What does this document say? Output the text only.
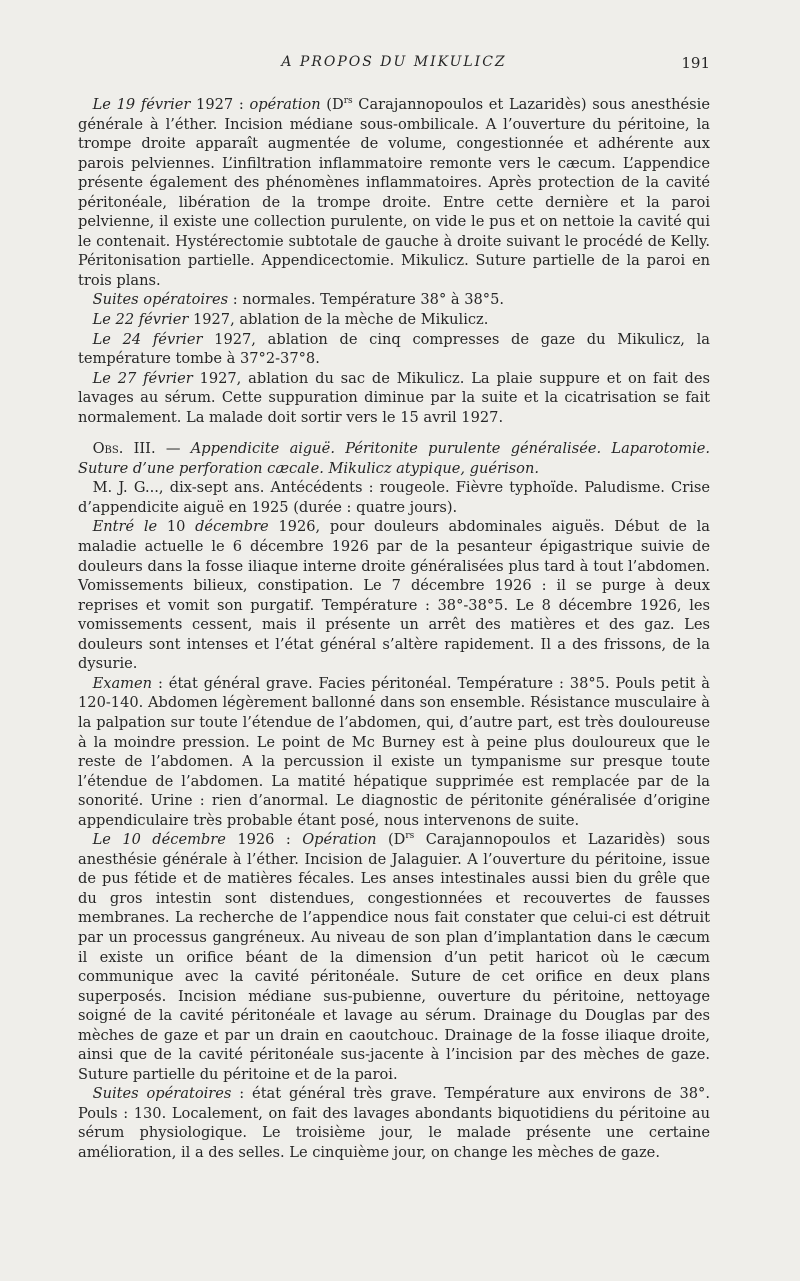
A PROPOS DU MIKULICZ	191

 Le 19 février 1927 : opération ($D^{rs}$ Carajannopoulos et Lazaridès) sous anesthésie générale à l’éther. Incision médiane sous-ombilicale. A l’ouverture du péritoine, la trompe droite apparaît augmentée de volume, congestionnée et adhérente aux parois pelviennes. L’infiltration inflammatoire remonte vers le cæcum. L’appendice présente également des phénomènes inflammatoires. Après protection de la cavité péritonéale, libération de la trompe droite. Entre cette dernière et la paroi pelvienne, il existe une collection purulente, on vide le pus et on nettoie la cavité qui le contenait. Hystérectomie subtotale de gauche à droite suivant le procédé de Kelly. Péritonisation partielle. Appendicectomie. Mikulicz. Suture partielle de la paroi en trois plans.

 Suites opératoires : normales. Température 38° à 38°5.

 Le 22 février 1927, ablation de la mèche de Mikulicz.

 Le 24 février 1927, ablation de cinq compresses de gaze du Mikulicz, la température tombe à 37°2-37°8.

 Le 27 février 1927, ablation du sac de Mikulicz. La plaie suppure et on fait des lavages au sérum. Cette suppuration diminue par la suite et la cicatrisation se fait normalement. La malade doit sortir vers le 15 avril 1927.

 Obs. III. — Appendicite aiguë. Péritonite purulente généralisée. Laparotomie. Suture d’une perforation cæcale. Mikulicz atypique, guérison.

 M. J. G..., dix-sept ans. Antécédents : rougeole. Fièvre typhoïde. Paludisme. Crise d’appendicite aiguë en 1925 (durée : quatre jours).

 Entré le 10 décembre 1926, pour douleurs abdominales aiguës. Début de la maladie actuelle le 6 décembre 1926 par de la pesanteur épigastrique suivie de douleurs dans la fosse iliaque interne droite généralisées plus tard à tout l’abdomen. Vomissements bilieux, constipation. Le 7 décembre 1926 : il se purge à deux reprises et vomit son purgatif. Température : 38°-38°5. Le 8 décembre 1926, les vomissements cessent, mais il présente un arrêt des matières et des gaz. Les douleurs sont intenses et l’état général s’altère rapidement. Il a des frissons, de la dysurie.

 Examen : état général grave. Facies péritonéal. Température : 38°5. Pouls petit à 120-140. Abdomen légèrement ballonné dans son ensemble. Résistance musculaire à la palpation sur toute l’étendue de l’abdomen, qui, d’autre part, est très douloureuse à la moindre pression. Le point de Mc Burney est à peine plus douloureux que le reste de l’abdomen. A la percussion il existe un tympanisme sur presque toute l’étendue de l’abdomen. La matité hépatique supprimée est remplacée par de la sonorité. Urine : rien d’anormal. Le diagnostic de péritonite généralisée d’origine appendiculaire très probable étant posé, nous intervenons de suite.

 Le 10 décembre 1926 : Opération ($D^{rs}$ Carajannopoulos et Lazaridès) sous anesthésie générale à l’éther. Incision de Jalaguier. A l’ouverture du péritoine, issue de pus fétide et de matières fécales. Les anses intestinales aussi bien du grêle que du gros intestin sont distendues, congestionnées et recouvertes de fausses membranes. La recherche de l’appendice nous fait constater que celui-ci est détruit par un processus gangréneux. Au niveau de son plan d’implantation dans le cæcum il existe un orifice béant de la dimension d’un petit haricot où le cæcum communique avec la cavité péritonéale. Suture de cet orifice en deux plans superposés. Incision médiane sus-pubienne, ouverture du péritoine, nettoyage soigné de la cavité péritonéale et lavage au sérum. Drainage du Douglas par des mèches de gaze et par un drain en caoutchouc. Drainage de la fosse iliaque droite, ainsi que de la cavité péritonéale sus-jacente à l’incision par des mèches de gaze. Suture partielle du péritoine et de la paroi.

 Suites opératoires : état général très grave. Température aux environs de 38°. Pouls : 130. Localement, on fait des lavages abondants biquotidiens du péritoine au sérum physiologique. Le troisième jour, le malade présente une certaine amélioration, il a des selles. Le cinquième jour, on change les mèches de gaze.
